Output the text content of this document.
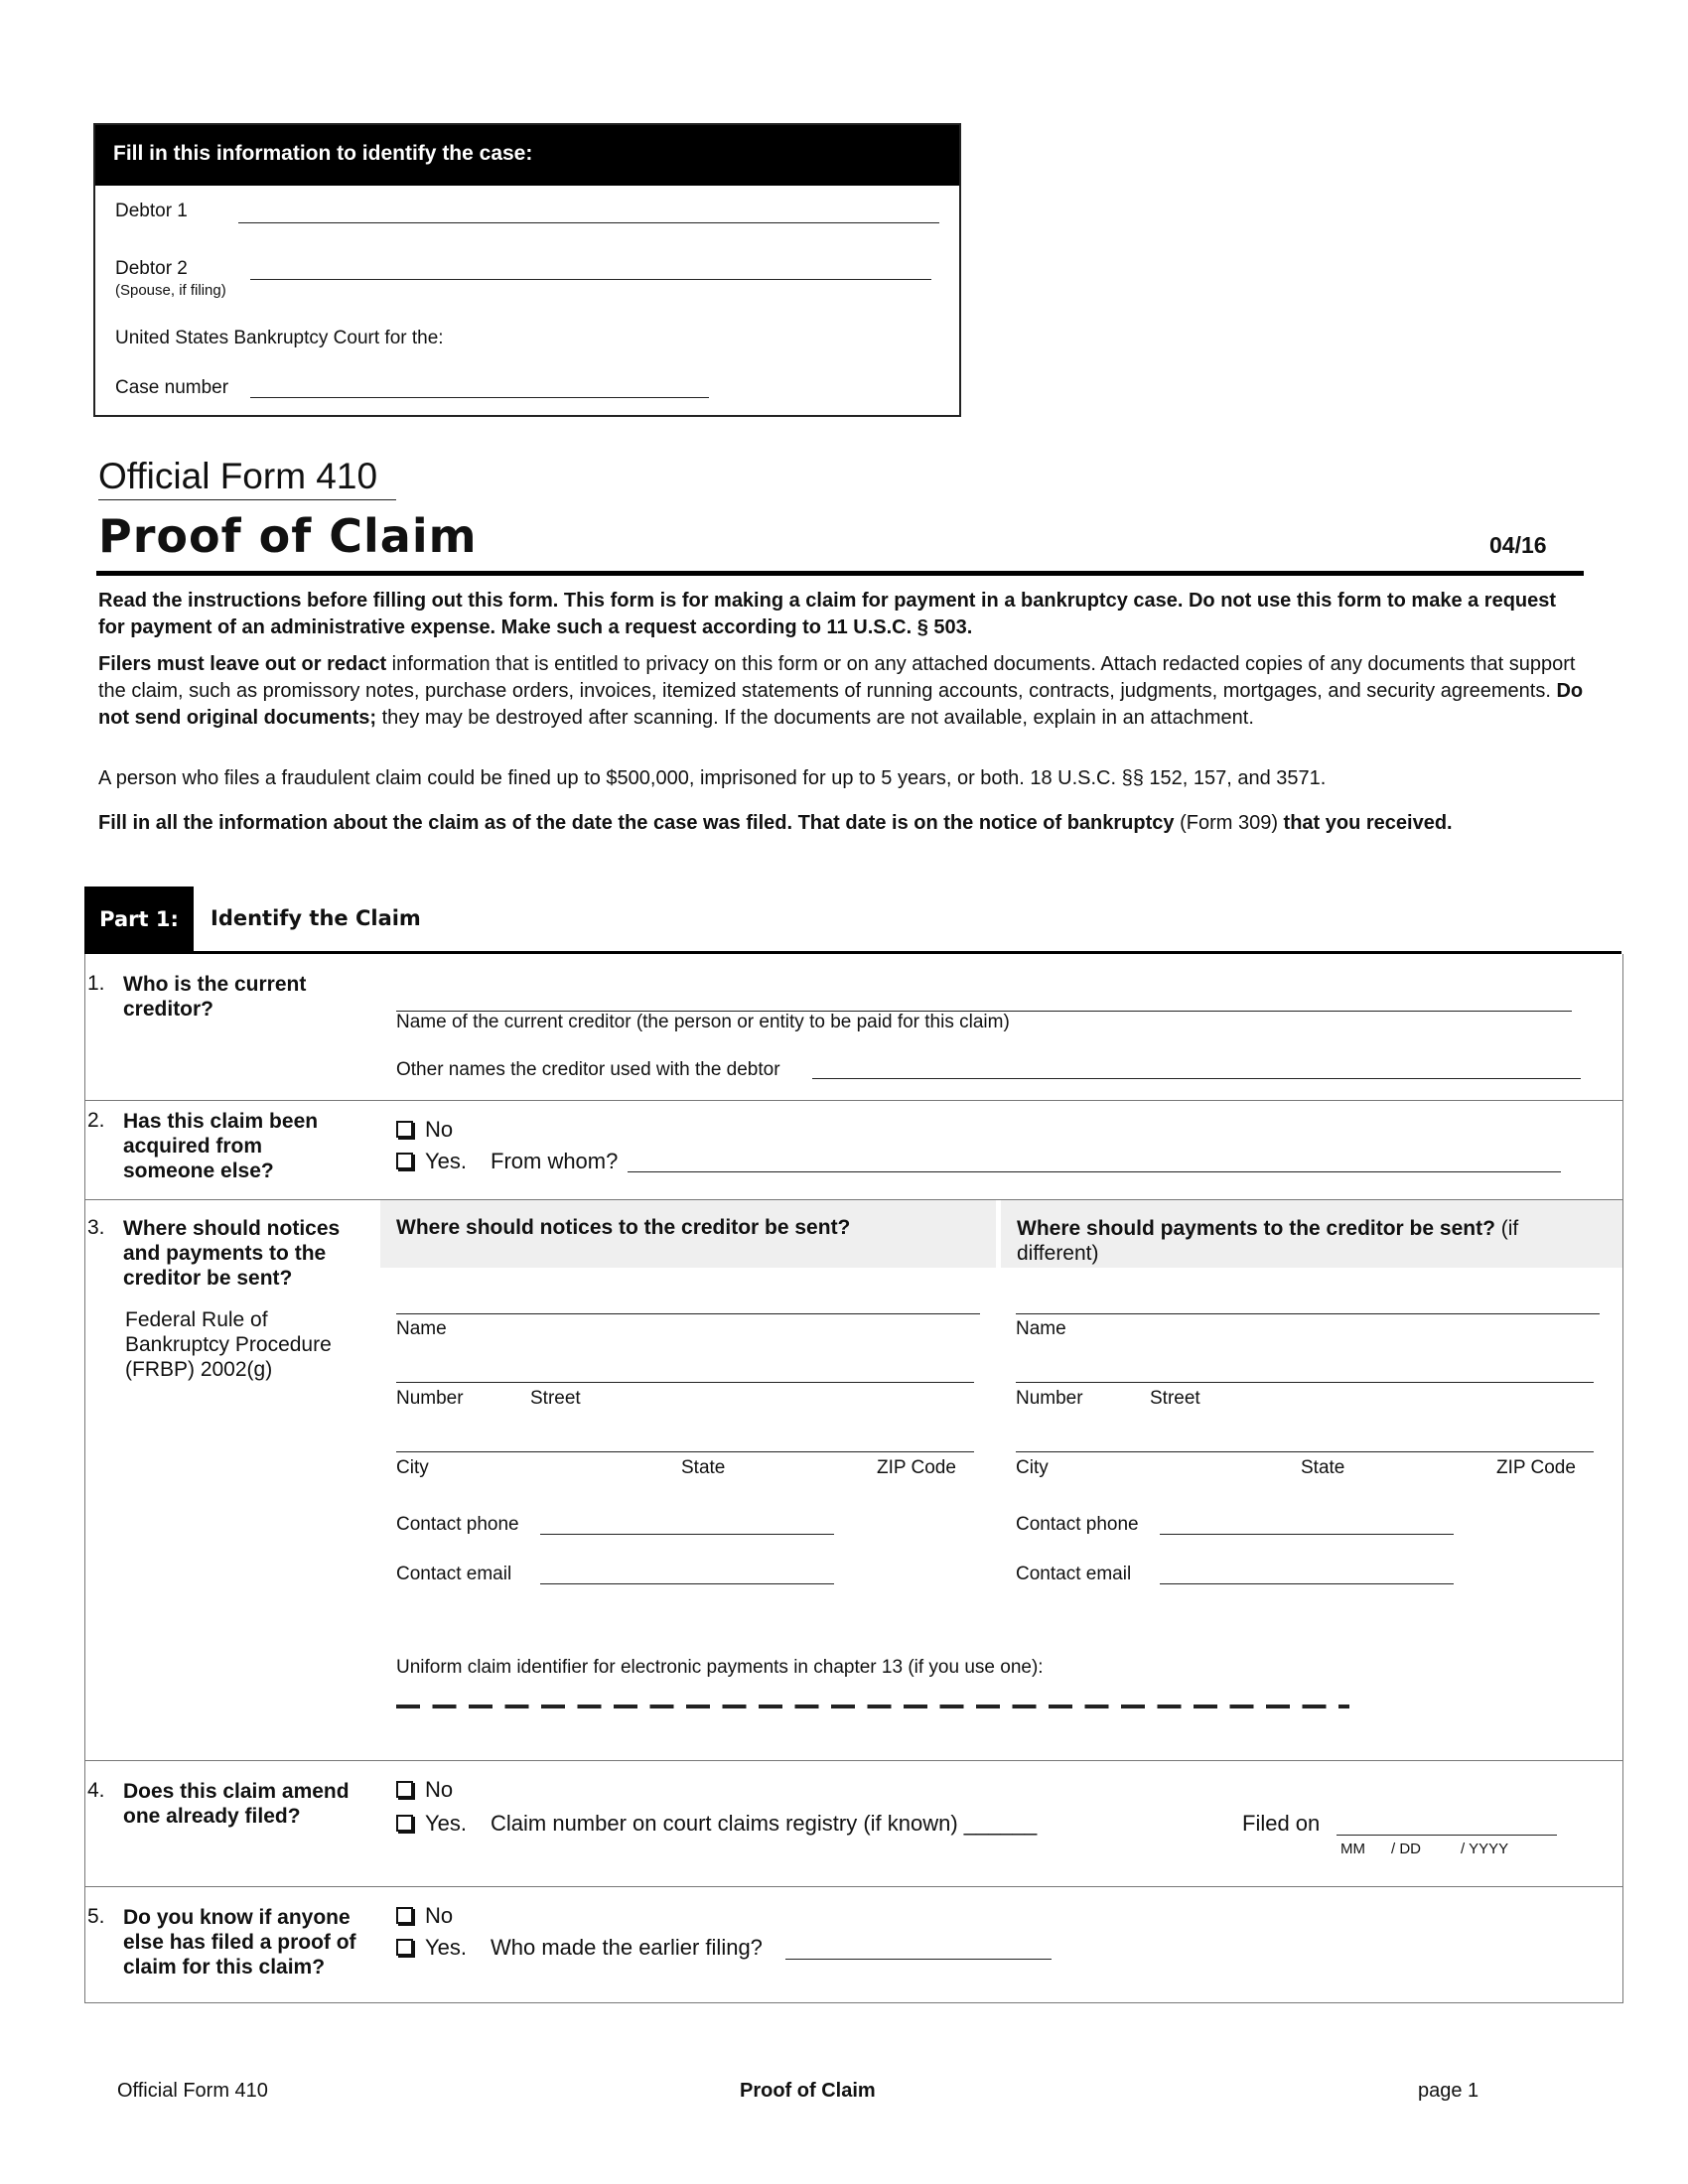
Fill in this information to identify the case:
Debtor 1
Debtor 2
(Spouse, if filing)
United States Bankruptcy Court for the:
Case number
Official Form 410
Proof of Claim	04/16
Read the instructions before filling out this form. This form is for making a claim for payment in a bankruptcy case. Do not use this form to make a request for payment of an administrative expense. Make such a request according to 11 U.S.C. § 503.
Filers must leave out or redact information that is entitled to privacy on this form or on any attached documents. Attach redacted copies of any documents that support the claim, such as promissory notes, purchase orders, invoices, itemized statements of running accounts, contracts, judgments, mortgages, and security agreements. Do not send original documents; they may be destroyed after scanning. If the documents are not available, explain in an attachment.
A person who files a fraudulent claim could be fined up to $500,000, imprisoned for up to 5 years, or both. 18 U.S.C. §§ 152, 157, and 3571.
Fill in all the information about the claim as of the date the case was filed. That date is on the notice of bankruptcy (Form 309) that you received.
Part 1:	Identify the Claim
1. Who is the current creditor?
Name of the current creditor (the person or entity to be paid for this claim)
Other names the creditor used with the debtor
2. Has this claim been acquired from someone else?
No
Yes. From whom?
3. Where should notices and payments to the creditor be sent?
Federal Rule of Bankruptcy Procedure (FRBP) 2002(g)
Where should notices to the creditor be sent?	Where should payments to the creditor be sent? (if different)
Name
Number	Street
City	State	ZIP Code
Contact phone
Contact email
Name
Number	Street
City	State	ZIP Code
Contact phone
Contact email
Uniform claim identifier for electronic payments in chapter 13 (if you use one):
4. Does this claim amend one already filed?
No
Yes. Claim number on court claims registry (if known) ______	Filed on
MM / DD	/ YYYY
5. Do you know if anyone else has filed a proof of claim for this claim?
No
Yes. Who made the earlier filing?
Official Form 410	Proof of Claim	page 1
